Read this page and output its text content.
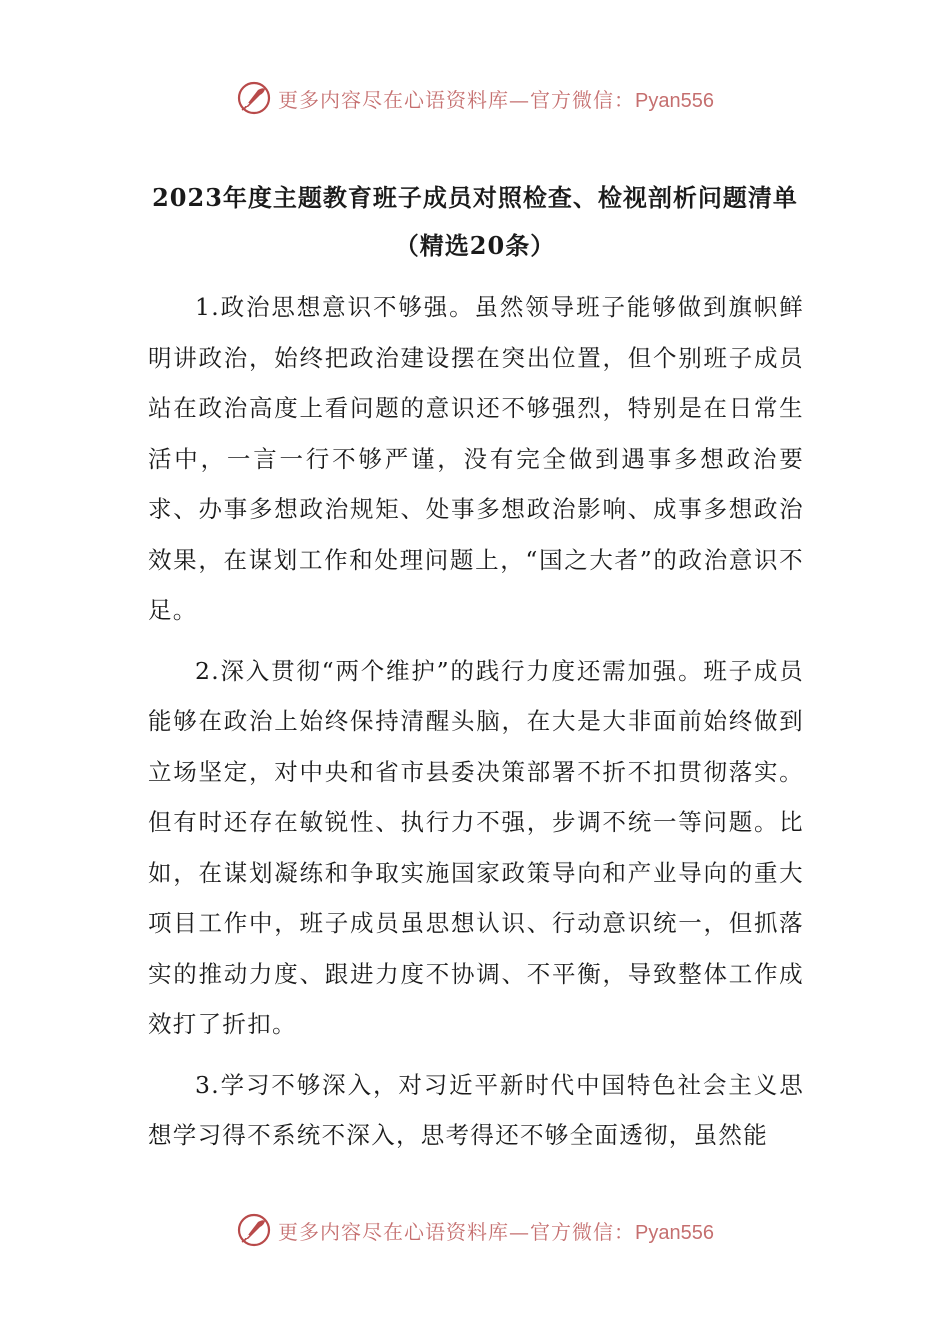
更多内容尽在心语资料库—官方微信：Pyan556
2023年度主题教育班子成员对照检查、检视剖析问题清单
（精选20条）

1.政治思想意识不够强。虽然领导班子能够做到旗帜鲜明讲政治，始终把政治建设摆在突出位置，但个别班子成员站在政治高度上看问题的意识还不够强烈，特别是在日常生活中，一言一行不够严谨，没有完全做到遇事多想政治要求、办事多想政治规矩、处事多想政治影响、成事多想政治效果，在谋划工作和处理问题上，“国之大者”的政治意识不足。

2.深入贯彻“两个维护”的践行力度还需加强。班子成员能够在政治上始终保持清醒头脑，在大是大非面前始终做到立场坚定，对中央和省市县委决策部署不折不扣贯彻落实。但有时还存在敏锐性、执行力不强，步调不统一等问题。比如，在谋划凝练和争取实施国家政策导向和产业导向的重大项目工作中，班子成员虽思想认识、行动意识统一，但抓落实的推动力度、跟进力度不协调、不平衡，导致整体工作成效打了折扣。

3.学习不够深入，对习近平新时代中国特色社会主义思想学习得不系统不深入，思考得还不够全面透彻，虽然能

更多内容尽在心语资料库—官方微信：Pyan556
